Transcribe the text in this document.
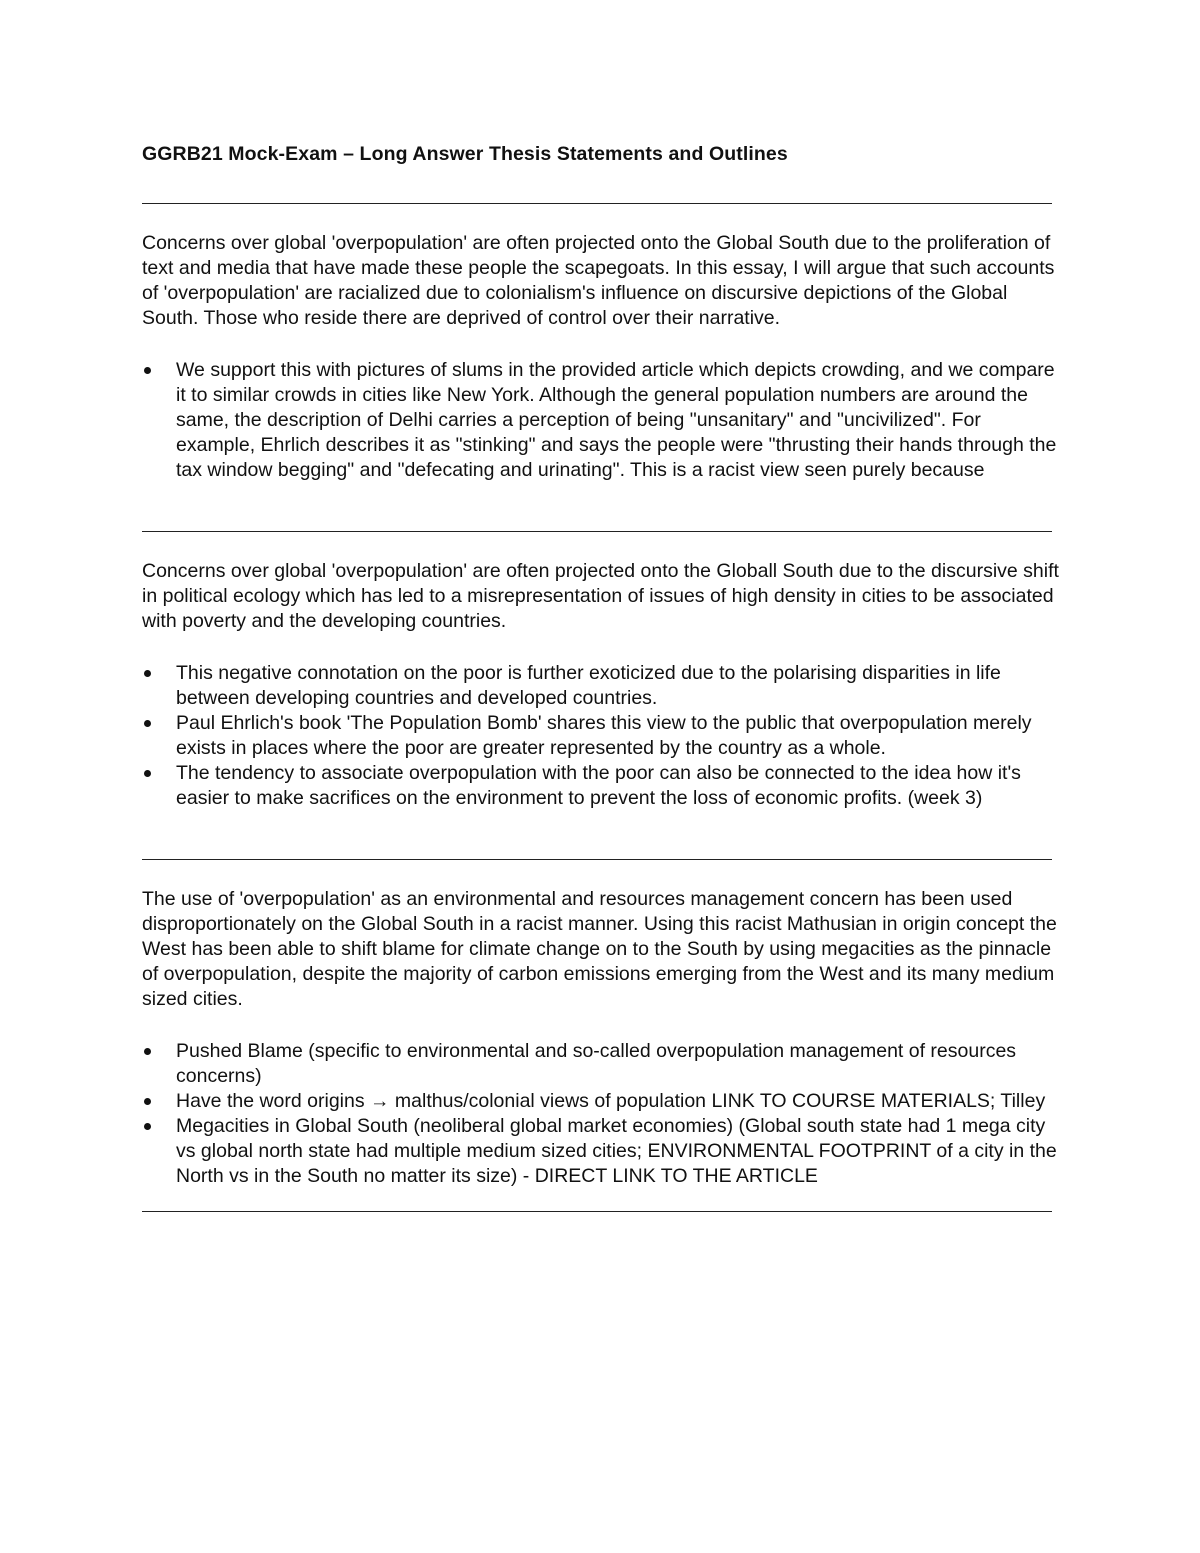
GGRB21 Mock-Exam – Long Answer Thesis Statements and Outlines

Concerns over global 'overpopulation' are often projected onto the Global South due to the proliferation of text and media that have made these people the scapegoats. In this essay, I will argue that such accounts of 'overpopulation' are racialized due to colonialism's influence on discursive depictions of the Global South. Those who reside there are deprived of control over their narrative.

We support this with pictures of slums in the provided article which depicts crowding, and we compare it to similar crowds in cities like New York. Although the general population numbers are around the same, the description of Delhi carries a perception of being "unsanitary" and "uncivilized". For example, Ehrlich describes it as "stinking" and says the people were "thrusting their hands through the tax window begging" and "defecating and urinating". This is a racist view seen purely because

Concerns over global 'overpopulation' are often projected onto the Globall South due to the discursive shift in political ecology which has led to a misrepresentation of issues of high density in cities to be associated with poverty and the developing countries.

This negative connotation on the poor is further exoticized due to the polarising disparities in life between developing countries and developed countries.
Paul Ehrlich's book 'The Population Bomb' shares this view to the public that overpopulation merely exists in places where the poor are greater represented by the country as a whole.
The tendency to associate overpopulation with the poor can also be connected to the idea how it's easier to make sacrifices on the environment to prevent the loss of economic profits. (week 3)

The use of 'overpopulation' as an environmental and resources management concern has been used disproportionately on the Global South in a racist manner. Using this racist Mathusian in origin concept the West has been able to shift blame for climate change on to the South by using megacities as the pinnacle of overpopulation, despite the majority of carbon emissions emerging from the West and its many medium sized cities.

Pushed Blame (specific to environmental and so-called overpopulation management of resources concerns)
Have the word origins → malthus/colonial views of population LINK TO COURSE MATERIALS; Tilley
Megacities in Global South (neoliberal global market economies) (Global south state had 1 mega city vs global north state had multiple medium sized cities; ENVIRONMENTAL FOOTPRINT of a city in the North vs in the South no matter its size) - DIRECT LINK TO THE ARTICLE
